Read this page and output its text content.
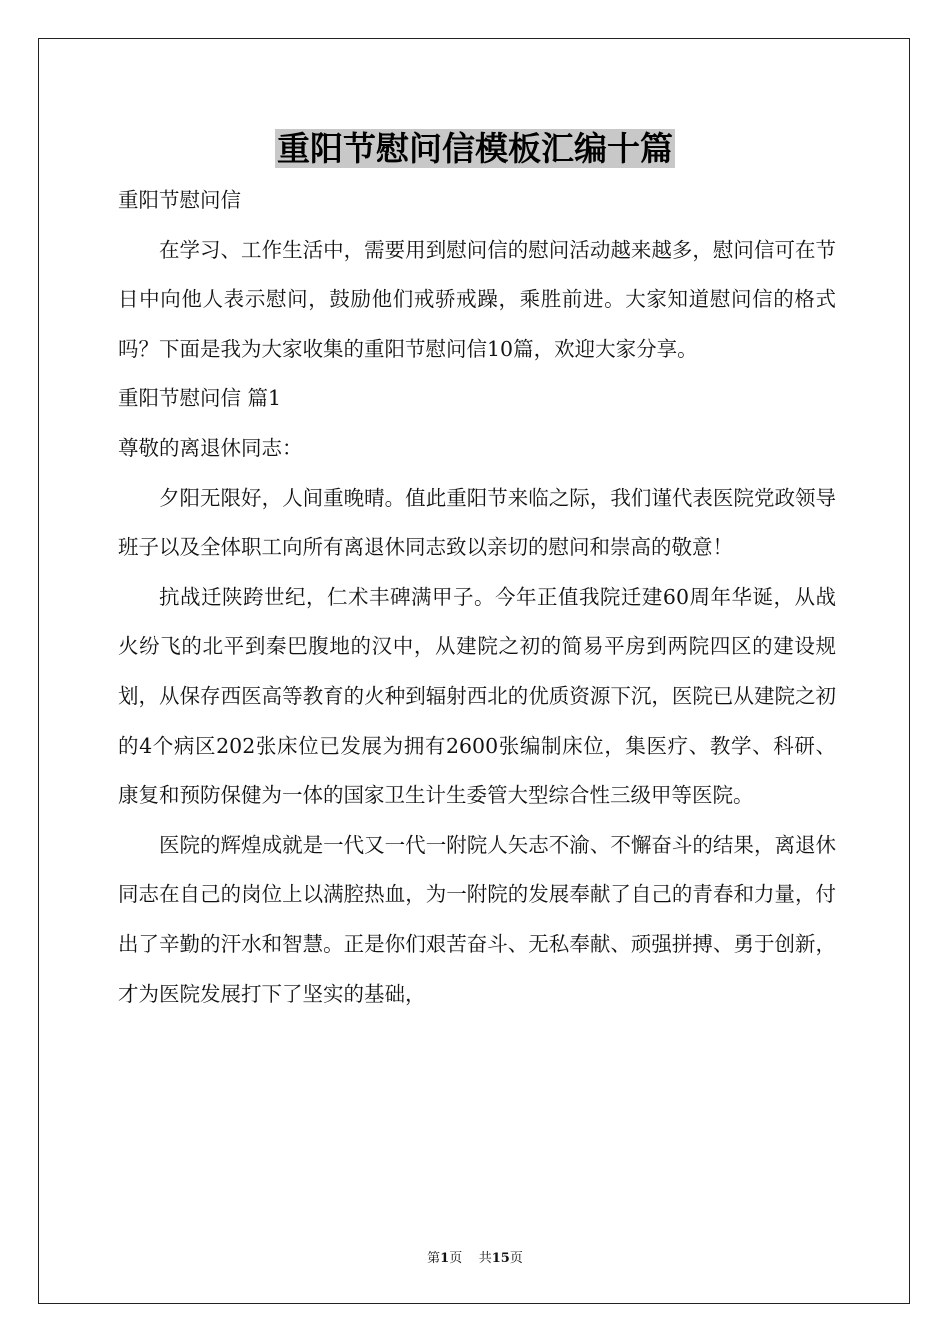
重阳节慰问信模板汇编十篇

重阳节慰问信

在学习、工作生活中，需要用到慰问信的慰问活动越来越多，慰问信可在节日中向他人表示慰问，鼓励他们戒骄戒躁，乘胜前进。大家知道慰问信的格式吗？下面是我为大家收集的重阳节慰问信10篇，欢迎大家分享。

重阳节慰问信 篇1

尊敬的离退休同志：

夕阳无限好，人间重晚晴。值此重阳节来临之际，我们谨代表医院党政领导班子以及全体职工向所有离退休同志致以亲切的慰问和崇高的敬意！

抗战迁陕跨世纪，仁术丰碑满甲子。今年正值我院迁建60周年华诞，从战火纷飞的北平到秦巴腹地的汉中，从建院之初的简易平房到两院四区的建设规划，从保存西医高等教育的火种到辐射西北的优质资源下沉，医院已从建院之初的4个病区202张床位已发展为拥有2600张编制床位，集医疗、教学、科研、康复和预防保健为一体的国家卫生计生委管大型综合性三级甲等医院。

医院的辉煌成就是一代又一代一附院人矢志不渝、不懈奋斗的结果，离退休同志在自己的岗位上以满腔热血，为一附院的发展奉献了自己的青春和力量，付出了辛勤的汗水和智慧。正是你们艰苦奋斗、无私奉献、顽强拼搏、勇于创新，才为医院发展打下了坚实的基础，

第1页 共15页
